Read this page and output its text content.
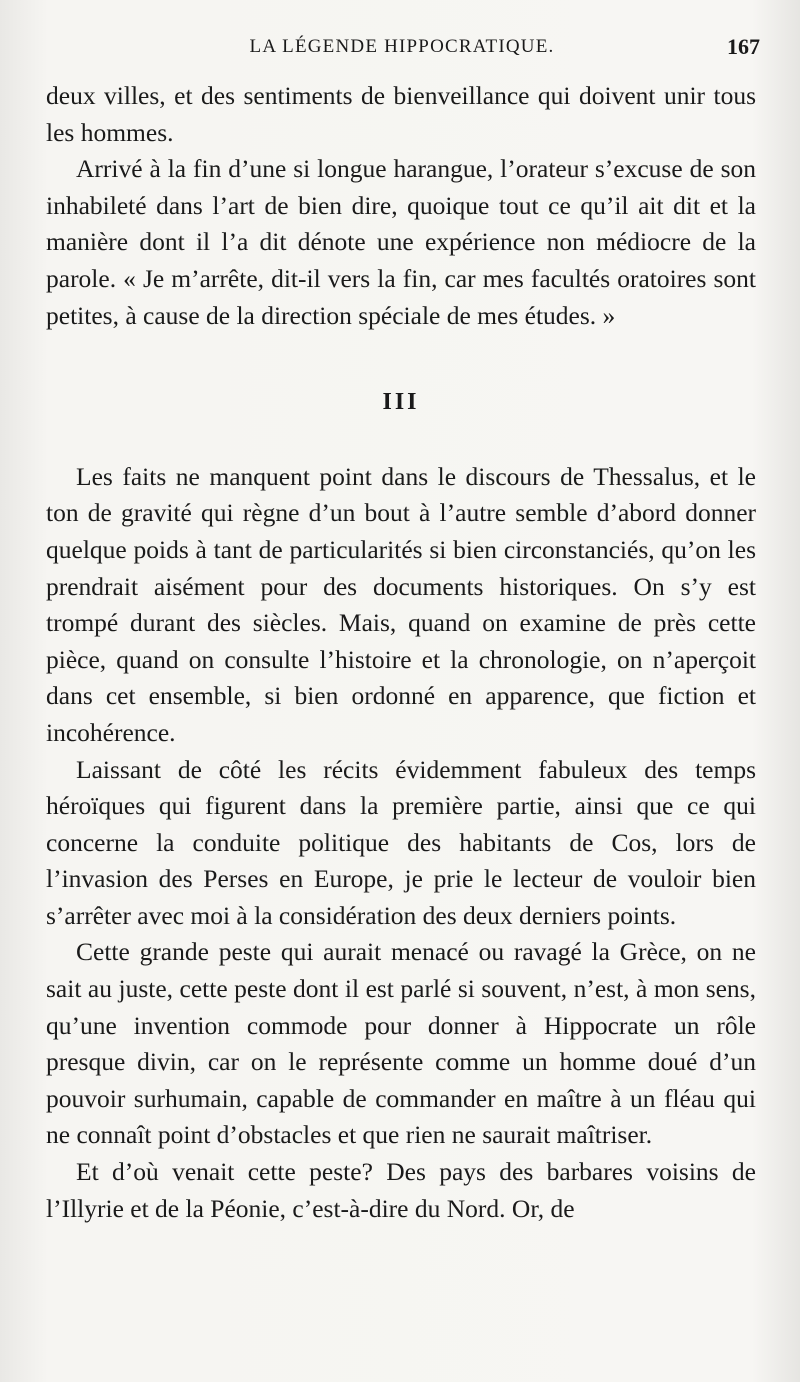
LA LÉGENDE HIPPOCRATIQUE.	167

deux villes, et des sentiments de bienveillance qui doivent unir tous les hommes.

Arrivé à la fin d’une si longue harangue, l’orateur s’excuse de son inhabileté dans l’art de bien dire, quoique tout ce qu’il ait dit et la manière dont il l’a dit dénote une expérience non médiocre de la parole. « Je m’arrête, dit-il vers la fin, car mes facultés oratoires sont petites, à cause de la direction spéciale de mes études. »

III

Les faits ne manquent point dans le discours de Thessalus, et le ton de gravité qui règne d’un bout à l’autre semble d’abord donner quelque poids à tant de particularités si bien circonstanciés, qu’on les prendrait aisément pour des documents historiques. On s’y est trompé durant des siècles. Mais, quand on examine de près cette pièce, quand on consulte l’histoire et la chronologie, on n’aperçoit dans cet ensemble, si bien ordonné en apparence, que fiction et incohérence.

Laissant de côté les récits évidemment fabuleux des temps héroïques qui figurent dans la première partie, ainsi que ce qui concerne la conduite politique des habitants de Cos, lors de l’invasion des Perses en Europe, je prie le lecteur de vouloir bien s’arrêter avec moi à la considération des deux derniers points.

Cette grande peste qui aurait menacé ou ravagé la Grèce, on ne sait au juste, cette peste dont il est parlé si souvent, n’est, à mon sens, qu’une invention commode pour donner à Hippocrate un rôle presque divin, car on le représente comme un homme doué d’un pouvoir surhumain, capable de commander en maître à un fléau qui ne connaît point d’obstacles et que rien ne saurait maîtriser.

Et d’où venait cette peste? Des pays des barbares voisins de l’Illyrie et de la Péonie, c’est-à-dire du Nord. Or, de
